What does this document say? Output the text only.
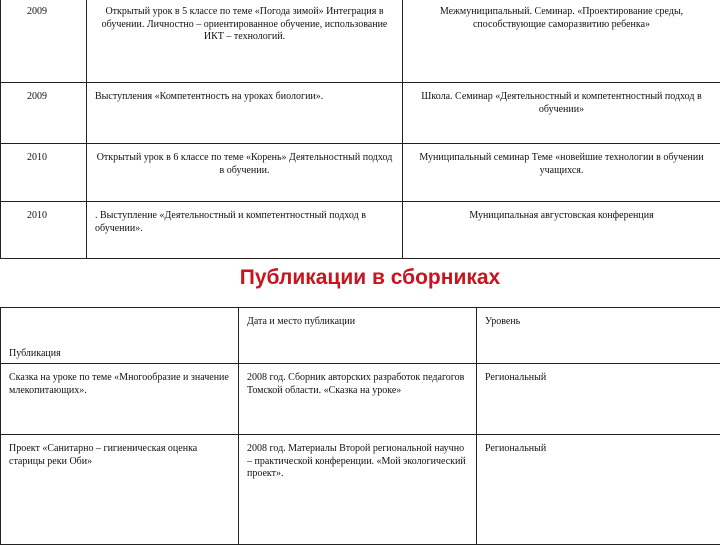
2009	Открытый урок в 5 классе по теме «Погода зимой» Интеграция в обучении. Личностно – ориентированное обучение, использование ИКТ – технологий.	Межмуниципальный. Семинар. «Проектирование среды, способствующие саморазвитию ребенка»
2009	Выступления «Компетентность на уроках биологии».	Школа. Семинар «Деятельностный и компетентностный подход в обучении»
2010	Открытый урок в 6 классе по теме «Корень» Деятельностный подход в обучении.	Муниципальный семинар Теме «новейшие технологии в обучении учащихся.
2010	. Выступление «Деятельностный и компетентностный подход в обучении».	Муниципальная августовская конференция
Публикации в сборниках
Публикация	Дата и место публикации	Уровень
Сказка на уроке по теме «Многообразие и значение млекопитающих».	2008 год. Сборник авторских разработок педагогов Томской области. «Сказка на уроке»	Региональный
Проект «Санитарно – гигиеническая оценка старицы реки Оби»	2008 год. Материалы Второй региональной научно – практической конференции. «Мой экологический проект».	Региональный
